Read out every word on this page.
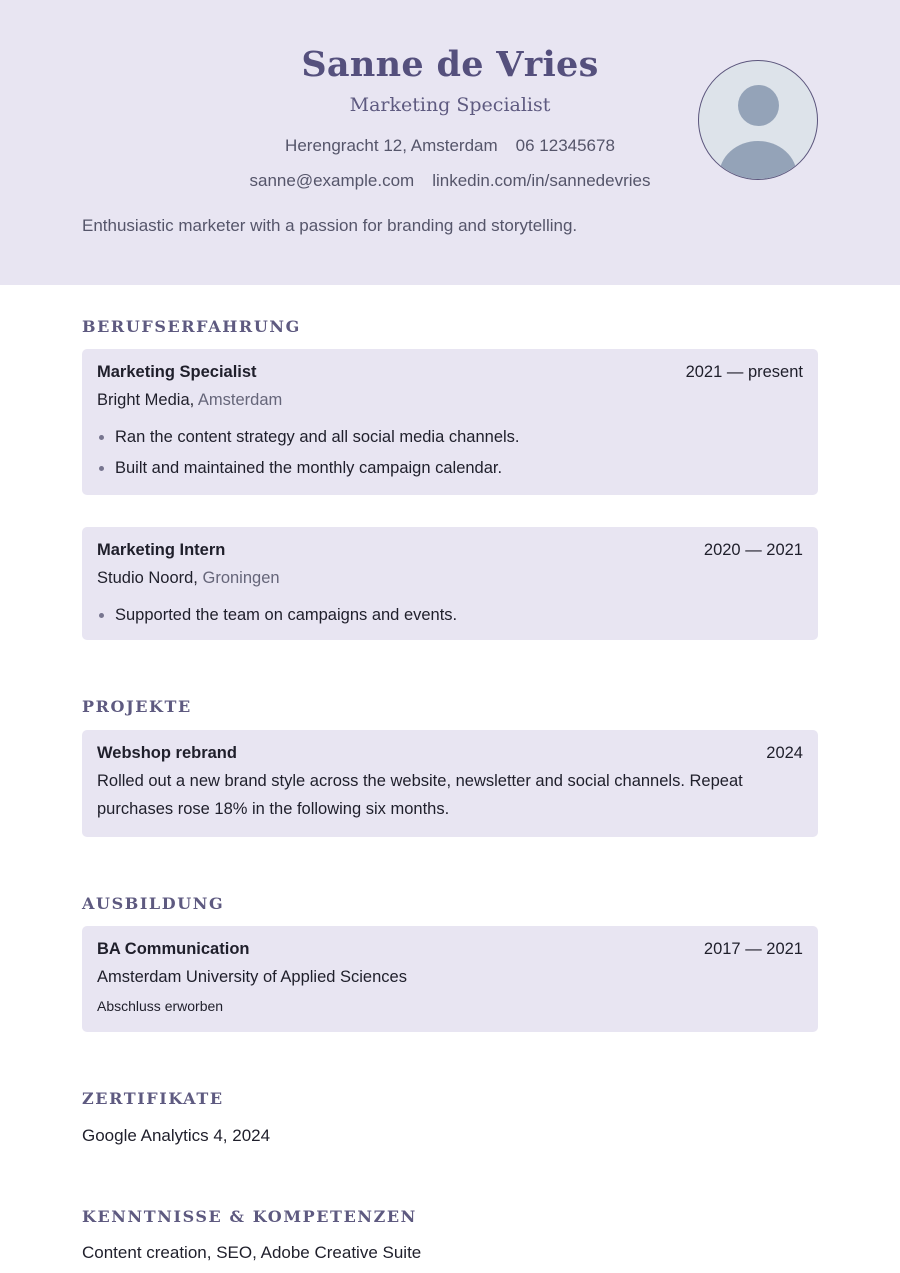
Sanne de Vries
Marketing Specialist
Herengracht 12, Amsterdam 06 12345678
sanne@example.com linkedin.com/in/sannedevries
Enthusiastic marketer with a passion for branding and storytelling.
BERUFSERFAHRUNG
Marketing Specialist	2021 — present
Bright Media, Amsterdam
Ran the content strategy and all social media channels.
Built and maintained the monthly campaign calendar.
Marketing Intern	2020 — 2021
Studio Noord, Groningen
Supported the team on campaigns and events.
PROJEKTE
Webshop rebrand	2024
Rolled out a new brand style across the website, newsletter and social channels. Repeat purchases rose 18% in the following six months.
AUSBILDUNG
BA Communication	2017 — 2021
Amsterdam University of Applied Sciences
Abschluss erworben
ZERTIFIKATE
Google Analytics 4, 2024
KENNTNISSE & KOMPETENZEN
Content creation, SEO, Adobe Creative Suite
